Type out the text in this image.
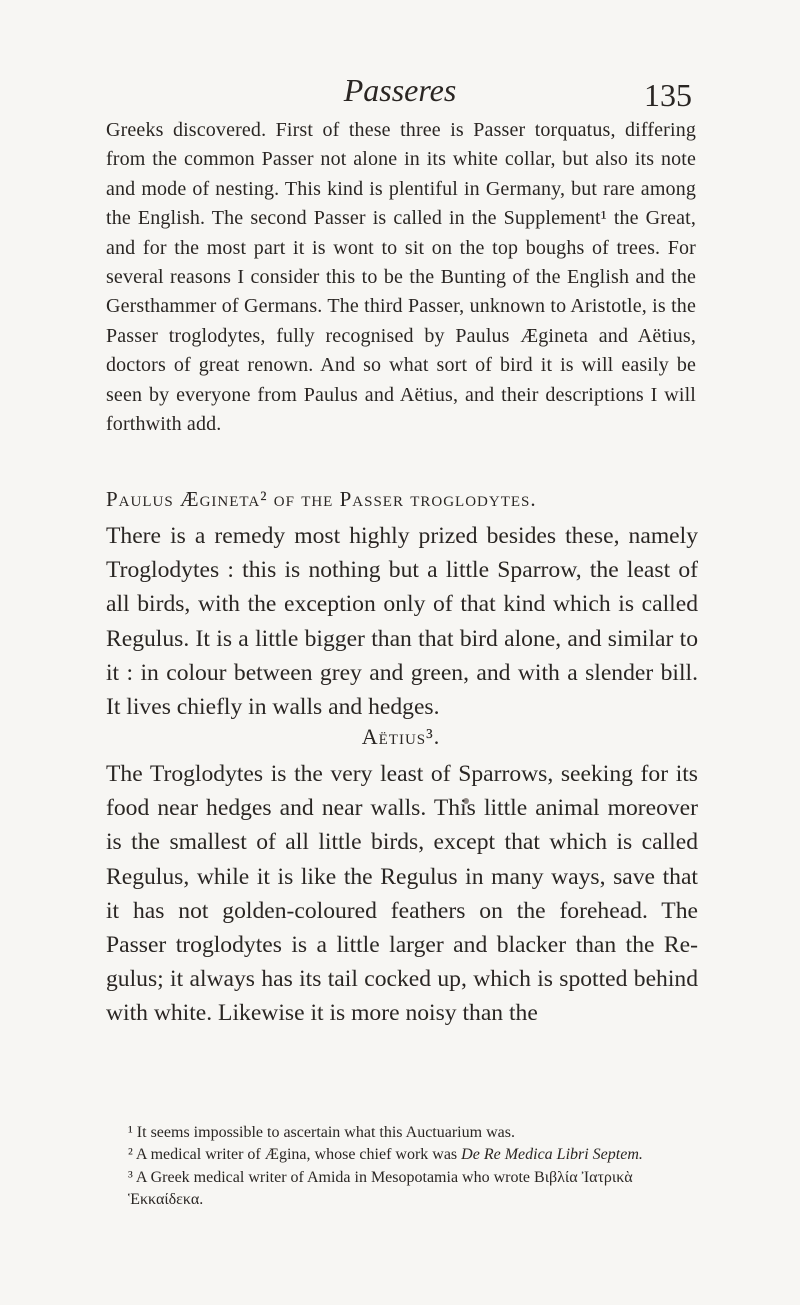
Passeres	135

Greeks discovered. First of these three is Passer torquatus, differing from the common Passer not alone in its white collar, but also its note and mode of nesting. This kind is plentiful in Germany, but rare among the English. The second Passer is called in the Supplement¹ the Great, and for the most part it is wont to sit on the top boughs of trees. For several reasons I consider this to be the Bunting of the English and the Gersthammer of Germans. The third Passer, unknown to Aristotle, is the Passer troglodytes, fully recognised by Paulus Ægineta and Aëtius, doctors of great renown. And so what sort of bird it is will easily be seen by everyone from Paulus and Aëtius, and their descriptions I will forthwith add.

Paulus Ægineta² of the Passer troglodytes.

There is a remedy most highly prized besides these, namely Troglodytes : this is nothing but a little Sparrow, the least of all birds, with the exception only of that kind which is called Regulus. It is a little bigger than that bird alone, and similar to it : in colour between grey and green, and with a slender bill. It lives chiefly in walls and hedges.

Aëtius³.

The Troglodytes is the very least of Sparrows, seeking for its food near hedges and near walls. This little animal moreover is the smallest of all little birds, except that which is called Regulus, while it is like the Regulus in many ways, save that it has not golden-coloured feathers on the forehead. The Passer troglodytes is a little larger and blacker than the Re-gulus; it always has its tail cocked up, which is spotted behind with white. Likewise it is more noisy than the

¹ It seems impossible to ascertain what this Auctuarium was.

² A medical writer of Ægina, whose chief work was De Re Medica Libri Septem.

³ A Greek medical writer of Amida in Mesopotamia who wrote Βιβλία Ἰατρικὰ Ἑκκαίδεκα.
